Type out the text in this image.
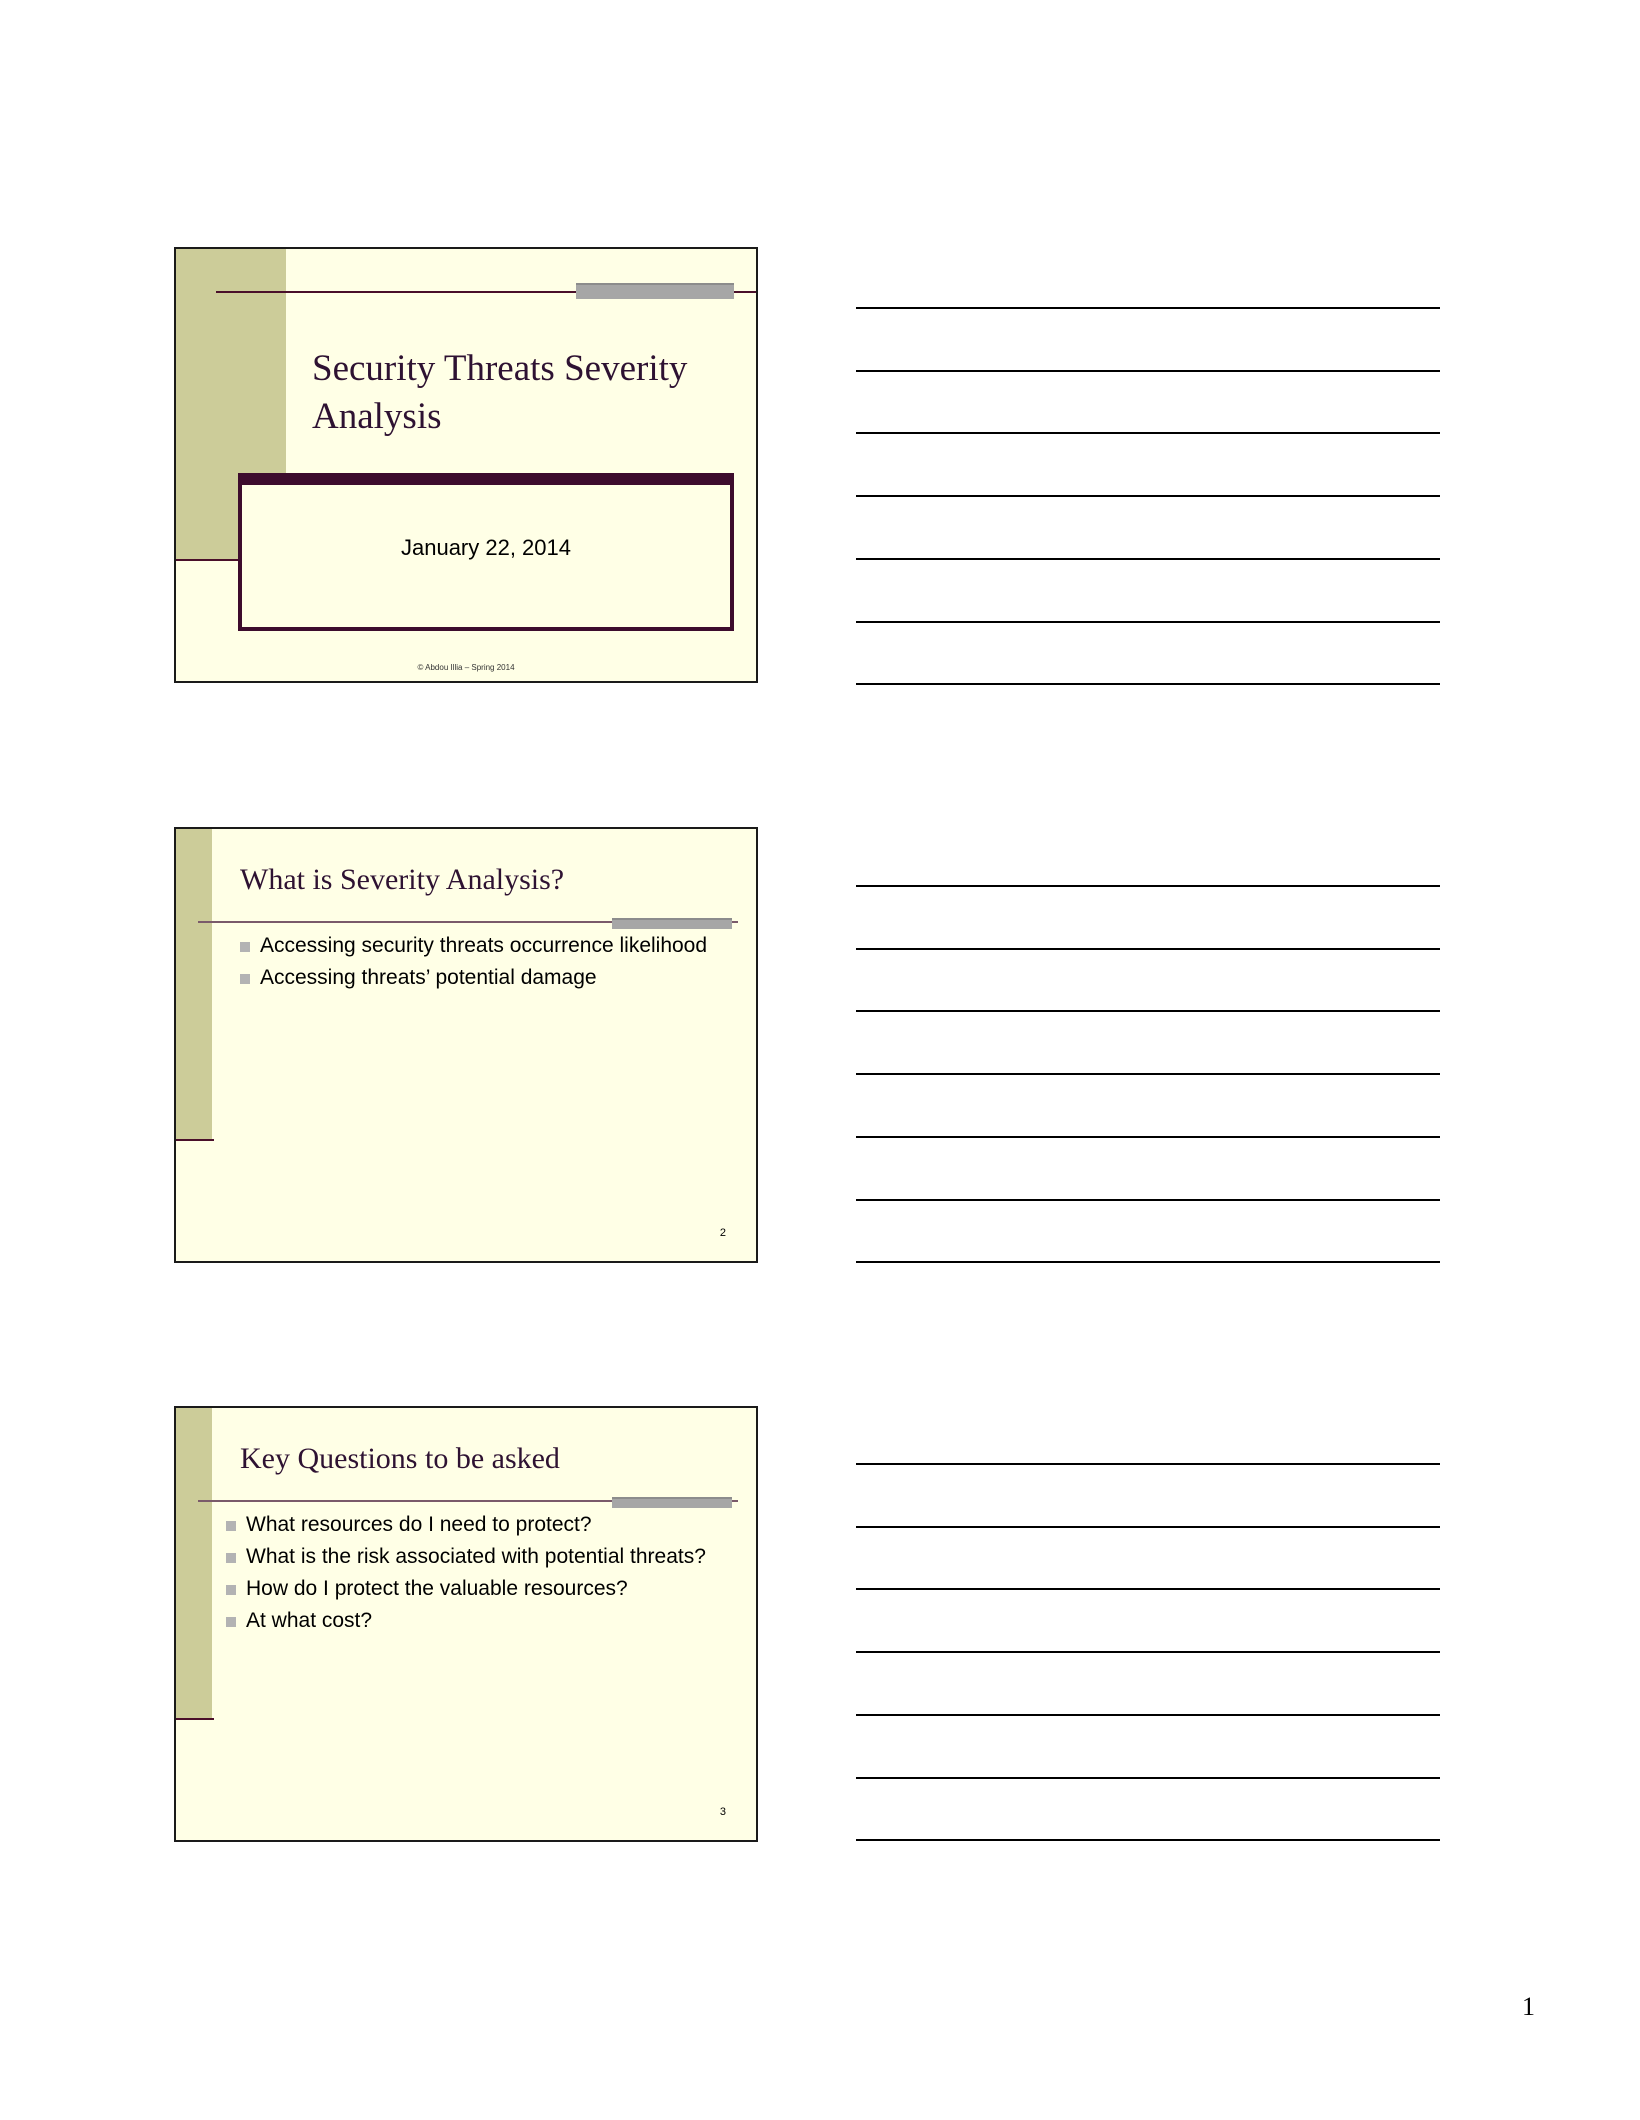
Security Threats Severity Analysis
January 22, 2014
© Abdou Illia – Spring 2014
What is Severity Analysis?
Accessing security threats occurrence likelihood
Accessing threats’ potential damage
2
Key Questions to be asked
What resources do I need to protect?
What is the risk associated with potential threats?
How do I protect the valuable resources?
At what cost?
3
1
